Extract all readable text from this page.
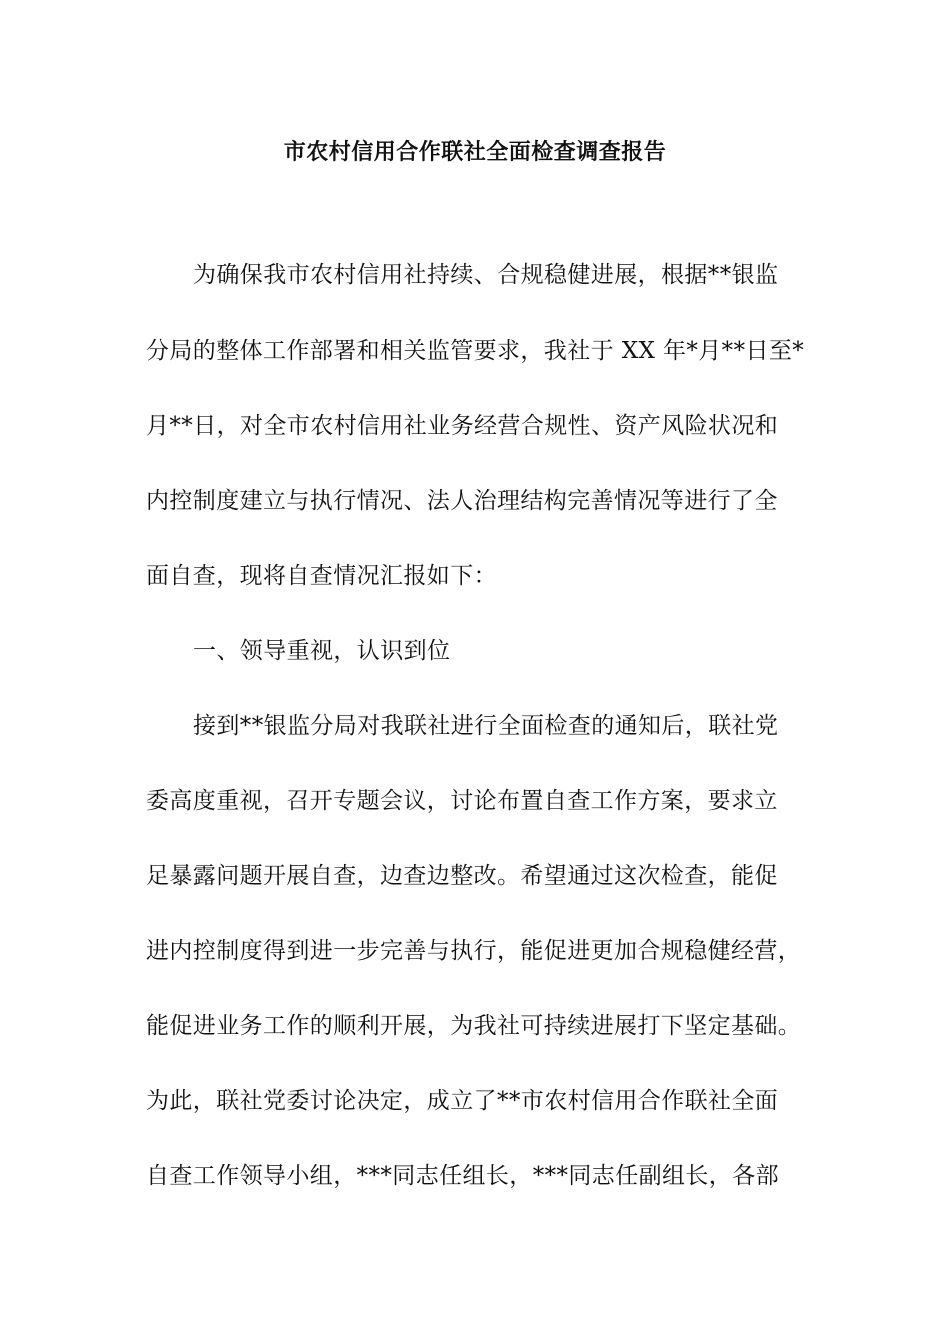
市农村信用合作联社全面检查调查报告

为确保我市农村信用社持续、合规稳健进展，根据**银监

分局的整体工作部署和相关监管要求，我社于 XX 年*月**日至*

月**日，对全市农村信用社业务经营合规性、资产风险状况和

内控制度建立与执行情况、法人治理结构完善情况等进行了全

面自查，现将自查情况汇报如下：

一、领导重视，认识到位

接到**银监分局对我联社进行全面检查的通知后，联社党

委高度重视，召开专题会议，讨论布置自查工作方案，要求立

足暴露问题开展自查，边查边整改。希望通过这次检查，能促

进内控制度得到进一步完善与执行，能促进更加合规稳健经营，

能促进业务工作的顺利开展，为我社可持续进展打下坚定基础。

为此，联社党委讨论决定，成立了**市农村信用合作联社全面

自查工作领导小组，***同志任组长，***同志任副组长，各部
